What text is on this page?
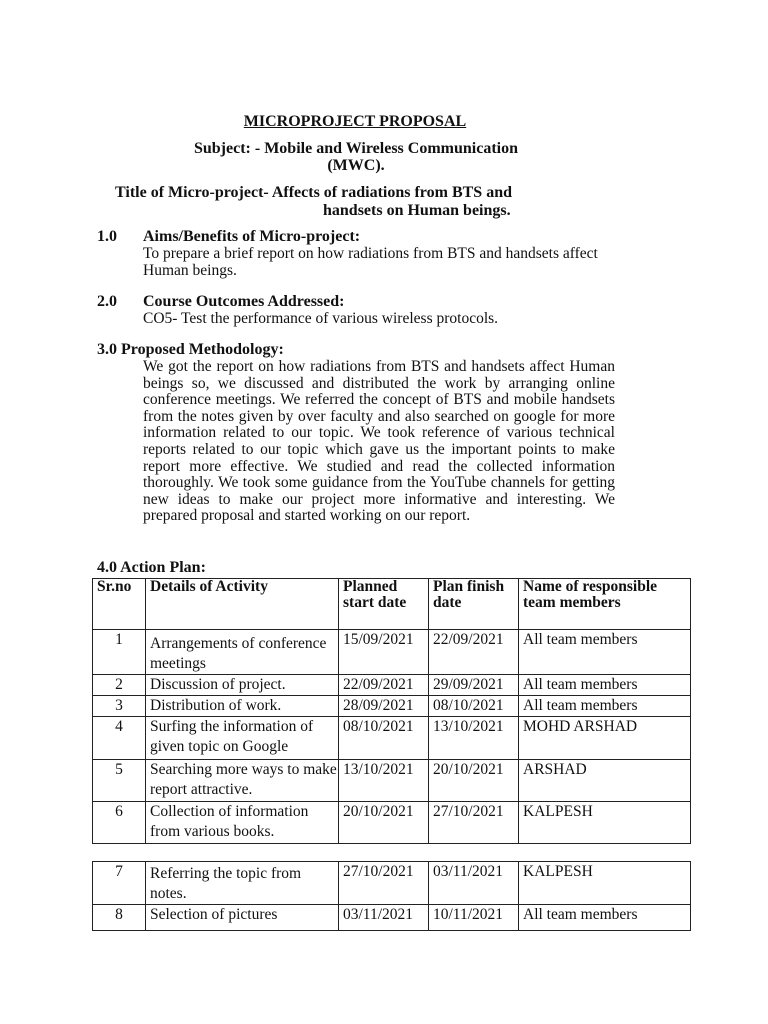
MICROPROJECT PROPOSAL
Subject: - Mobile and Wireless Communication
(MWC).
Title of Micro-project- Affects of radiations from BTS and
handsets on Human beings.
1.0 Aims/Benefits of Micro-project:
To prepare a brief report on how radiations from BTS and handsets affect Human beings.
2.0 Course Outcomes Addressed:
CO5- Test the performance of various wireless protocols.
3.0 Proposed Methodology:
We got the report on how radiations from BTS and handsets affect Human beings so, we discussed and distributed the work by arranging online conference meetings. We referred the concept of BTS and mobile handsets from the notes given by over faculty and also searched on google for more information related to our topic. We took reference of various technical reports related to our topic which gave us the important points to make report more effective. We studied and read the collected information thoroughly. We took some guidance from the YouTube channels for getting new ideas to make our project more informative and interesting. We prepared proposal and started working on our report.
4.0 Action Plan:
Sr.no	Details of Activity	Planned start date	Plan finish date	Name of responsible team members
1	Arrangements of conference meetings	15/09/2021	22/09/2021	All team members
2	Discussion of project.	22/09/2021	29/09/2021	All team members
3	Distribution of work.	28/09/2021	08/10/2021	All team members
4	Surfing the information of given topic on Google	08/10/2021	13/10/2021	MOHD ARSHAD
5	Searching more ways to make report attractive.	13/10/2021	20/10/2021	ARSHAD
6	Collection of information from various books.	20/10/2021	27/10/2021	KALPESH
7	Referring the topic from notes.	27/10/2021	03/11/2021	KALPESH
8	Selection of pictures	03/11/2021	10/11/2021	All team members
